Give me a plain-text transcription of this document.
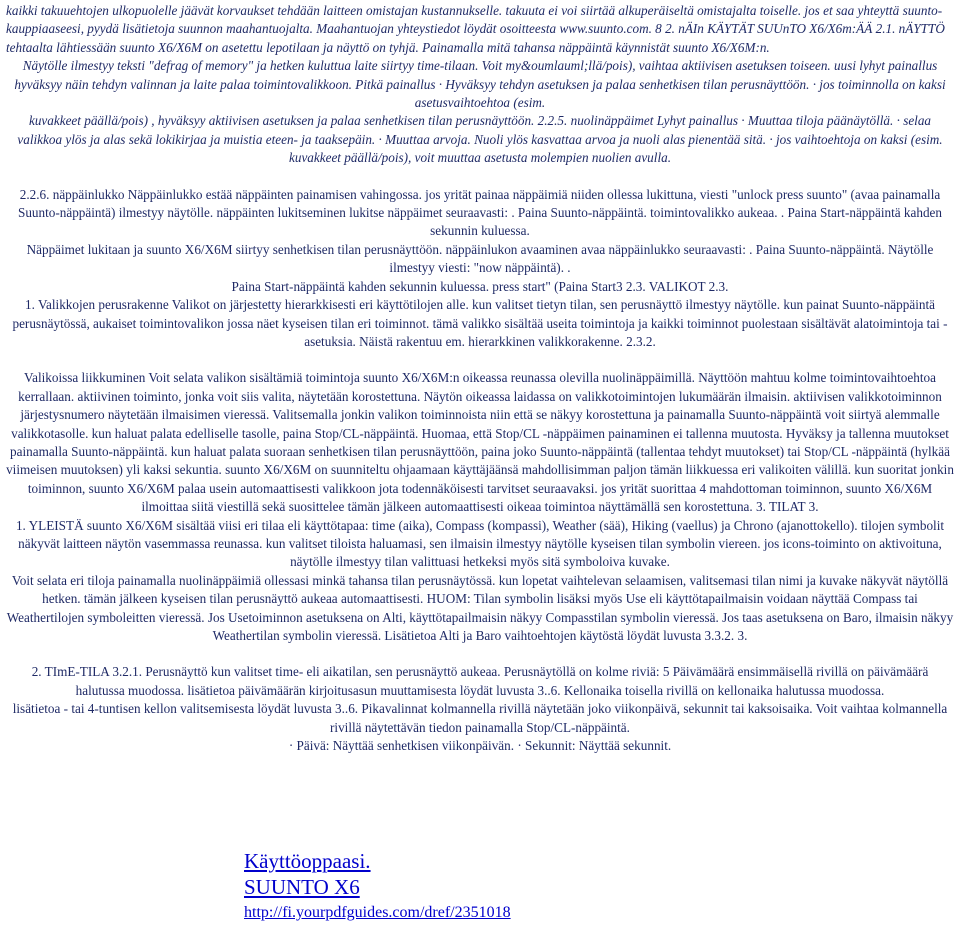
kaikki takuuehtojen ulkopuolelle jäävät korvaukset tehdään laitteen omistajan kustannukselle. takuuta ei voi siirtää alkuperäiseltä omistajalta toiselle. jos et saa yhteyttä suunto-kauppiaaseesi, pyydä lisätietoja suunnon maahantuojalta. Maahantuojan yhteystiedot löydät osoitteesta www.suunto.com. 8 2. nÄIn KÄYTÄT SUUnTO X6/X6m:ÄÄ 2.1. nÄYTTÖ tehtaalta lähtiessään suunto X6/X6M on asetettu lepotilaan ja näyttö on tyhjä. Painamalla mitä tahansa näppäintä käynnistät suunto X6/X6M:n.

Näytölle ilmestyy teksti "defrag of memory" ja hetken kuluttua laite siirtyy time-tilaan. Voit my&oumlauml;llä/pois), vaihtaa aktiivisen asetuksen toiseen. uusi lyhyt painallus hyväksyy näin tehdyn valinnan ja laite palaa toimintovalikkoon. Pitkä painallus · Hyväksyy tehdyn asetuksen ja palaa senhetkisen tilan perusnäyttöön. · jos toiminnolla on kaksi asetusvaihtoehtoa (esim.

kuvakkeet päällä/pois) , hyväksyy aktiivisen asetuksen ja palaa senhetkisen tilan perusnäyttöön. 2.2.5. nuolinäppäimet Lyhyt painallus · Muuttaa tiloja päänäytöllä. · selaa valikkoa ylös ja alas sekä lokikirjaa ja muistia eteen- ja taaksepäin. · Muuttaa arvoja. Nuoli ylös kasvattaa arvoa ja nuoli alas pienentää sitä. · jos vaihtoehtoja on kaksi (esim. kuvakkeet päällä/pois), voit muuttaa asetusta molempien nuolien avulla.

2.2.6. näppäinlukko Näppäinlukko estää näppäinten painamisen vahingossa. jos yrität painaa näppäimiä niiden ollessa lukittuna, viesti "unlock press suunto" (avaa painamalla Suunto-näppäintä) ilmestyy näytölle. näppäinten lukitseminen lukitse näppäimet seuraavasti: . Paina Suunto-näppäintä. toimintovalikko aukeaa. . Paina Start-näppäintä kahden sekunnin kuluessa.

Näppäimet lukitaan ja suunto X6/X6M siirtyy senhetkisen tilan perusnäyttöön. näppäinlukon avaaminen avaa näppäinlukko seuraavasti: . Paina Suunto-näppäintä. Näytölle ilmestyy viesti: "now näppäintä). .

Paina Start-näppäintä kahden sekunnin kuluessa. press start" (Paina Start3 2.3. VALIKOT 2.3.

1. Valikkojen perusrakenne Valikot on järjestetty hierarkkisesti eri käyttötilojen alle. kun valitset tietyn tilan, sen perusnäyttö ilmestyy näytölle. kun painat Suunto-näppäintä perusnäytössä, aukaiset toimintovalikon jossa näet kyseisen tilan eri toiminnot. tämä valikko sisältää useita toimintoja ja kaikki toiminnot puolestaan sisältävät alatoimintoja tai -asetuksia. Näistä rakentuu em. hierarkkinen valikkorakenne. 2.3.2.

Valikoissa liikkuminen Voit selata valikon sisältämiä toimintoja suunto X6/X6M:n oikeassa reunassa olevilla nuolinäppäimillä. Näyttöön mahtuu kolme toimintovaihtoehtoa kerrallaan. aktiivinen toiminto, jonka voit siis valita, näytetään korostettuna. Näytön oikeassa laidassa on valikkotoimintojen lukumäärän ilmaisin. aktiivisen valikkotoiminnon järjestysnumero näytetään ilmaisimen vieressä. Valitsemalla jonkin valikon toiminnoista niin että se näkyy korostettuna ja painamalla Suunto-näppäintä voit siirtyä alemmalle valikkotasolle. kun haluat palata edelliselle tasolle, paina Stop/CL-näppäintä. Huomaa, että Stop/CL -näppäimen painaminen ei tallenna muutosta. Hyväksy ja tallenna muutokset painamalla Suunto-näppäintä. kun haluat palata suoraan senhetkisen tilan perusnäyttöön, paina joko Suunto-näppäintä (tallentaa tehdyt muutokset) tai Stop/CL -näppäintä (hylkää viimeisen muutoksen) yli kaksi sekuntia. suunto X6/X6M on suunniteltu ohjaamaan käyttäjäänsä mahdollisimman paljon tämän liikkuessa eri valikoiten välillä. kun suoritat jonkin toiminnon, suunto X6/X6M palaa usein automaattisesti valikkoon jota todennäköisesti tarvitset seuraavaksi. jos yrität suorittaa 4 mahdottoman toiminnon, suunto X6/X6M ilmoittaa siitä viestillä sekä suosittelee tämän jälkeen automaattisesti oikeaa toimintoa näyttämällä sen korostettuna. 3. TILAT 3.

1. YLEISTÄ suunto X6/X6M sisältää viisi eri tilaa eli käyttötapaa: time (aika), Compass (kompassi), Weather (sää), Hiking (vaellus) ja Chrono (ajanottokello). tilojen symbolit näkyvät laitteen näytön vasemmassa reunassa. kun valitset tiloista haluamasi, sen ilmaisin ilmestyy näytölle kyseisen tilan symbolin viereen. jos icons-toiminto on aktivoituna, näytölle ilmestyy tilan valittuasi hetkeksi myös sitä symboloiva kuvake.

Voit selata eri tiloja painamalla nuolinäppäimiä ollessasi minkä tahansa tilan perusnäytössä. kun lopetat vaihtelevan selaamisen, valitsemasi tilan nimi ja kuvake näkyvät näytöllä hetken. tämän jälkeen kyseisen tilan perusnäyttö aukeaa automaattisesti. HUOM: Tilan symbolin lisäksi myös Use eli käyttötapailmaisin voidaan näyttää Compass tai Weathertilojen symboleitten vieressä. Jos Usetoiminnon asetuksena on Alti, käyttötapailmaisin näkyy Compasstilan symbolin vieressä. Jos taas asetuksena on Baro, ilmaisin näkyy Weathertilan symbolin vieressä. Lisätietoa Alti ja Baro vaihtoehtojen käytöstä löydät luvusta 3.3.2. 3.

2. TImE-TILA 3.2.1. Perusnäyttö kun valitset time- eli aikatilan, sen perusnäyttö aukeaa. Perusnäytöllä on kolme riviä: 5 Päivämäärä ensimmäisellä rivillä on päivämäärä halutussa muodossa. lisätietoa päivämäärän kirjoitusasun muuttamisesta löydät luvusta 3..6. Kellonaika toisella rivillä on kellonaika halutussa muodossa.

lisätietoa - tai 4-tuntisen kellon valitsemisesta löydät luvusta 3..6. Pikavalinnat kolmannella rivillä näytetään joko viikonpäivä, sekunnit tai kaksoisaika. Voit vaihtaa kolmannella rivillä näytettävän tiedon painamalla Stop/CL-näppäintä.

· Päivä: Näyttää senhetkisen viikonpäivän. · Sekunnit: Näyttää sekunnit.

Käyttöoppaasi.
SUUNTO X6
http://fi.yourpdfguides.com/dref/2351018
